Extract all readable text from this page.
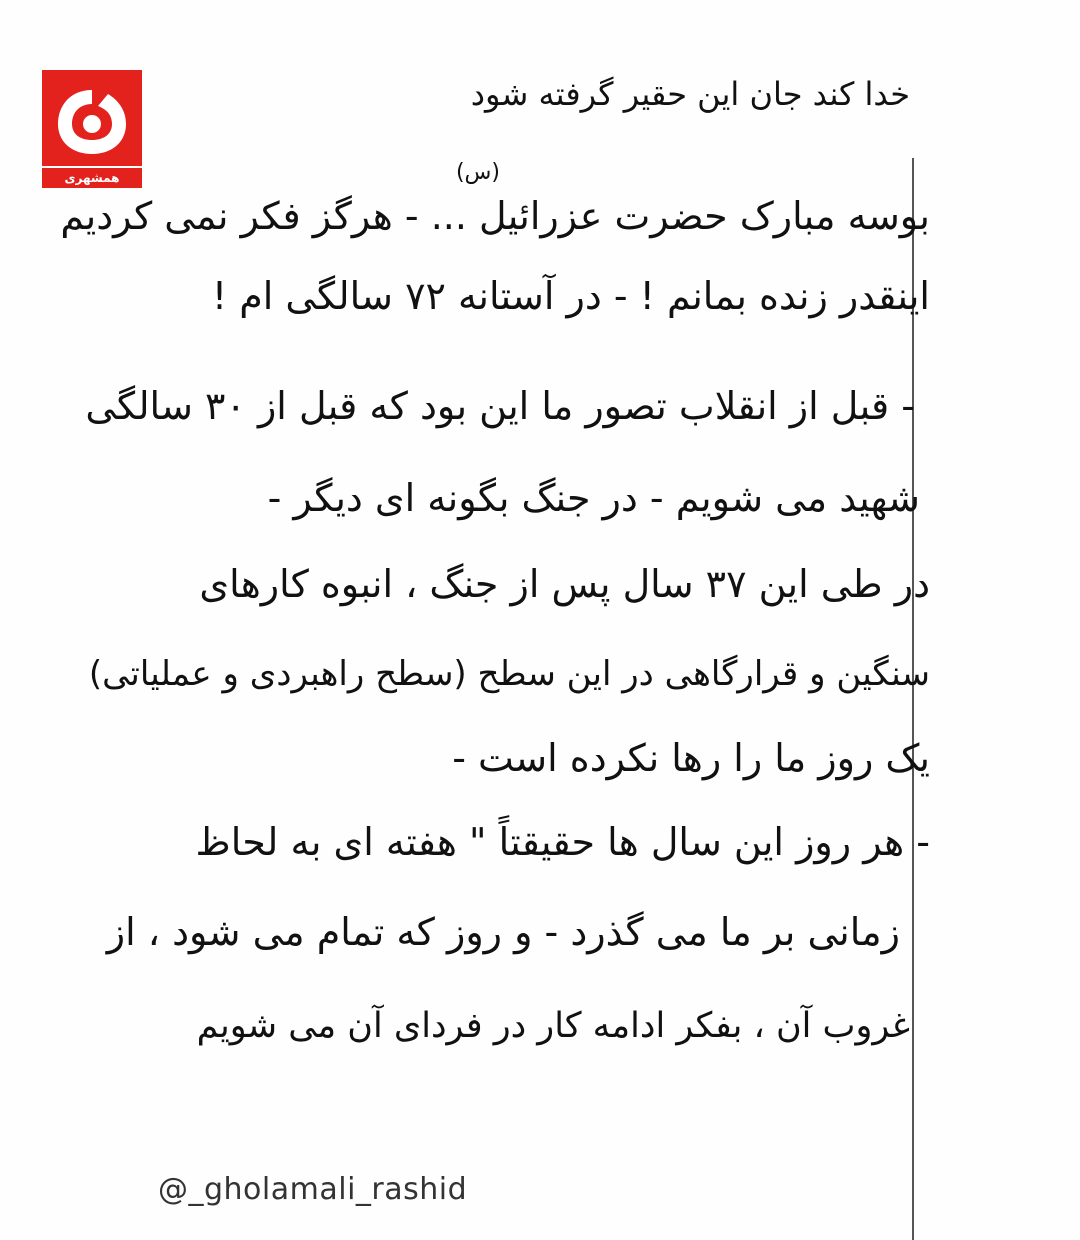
همشهری
خدا کند جان این حقیر گرفته شود
(س)
بوسه مبارک حضرت عزرائیل ... - هرگز فکر نمی کردیم
اینقدر زنده بمانم ! - در آستانه ۷۲ سالگی ام !
- قبل از انقلاب تصور ما این بود که قبل از ۳۰ سالگی
شهید می شویم - در جنگ بگونه ای دیگر -
در طی این ۳۷ سال پس از جنگ ، انبوه کارهای
سنگین و قرارگاهی در این سطح (سطح راهبردی و عملیاتی)
یک روز ما را رها نکرده است -
- هر روز این سال ها حقیقتاً " هفته ای به لحاظ
زمانی بر ما می گذرد - و روز که تمام می شود ، از
غروب آن ، بفکر ادامه کار در فردای آن می شویم
@_gholamali_rashid
